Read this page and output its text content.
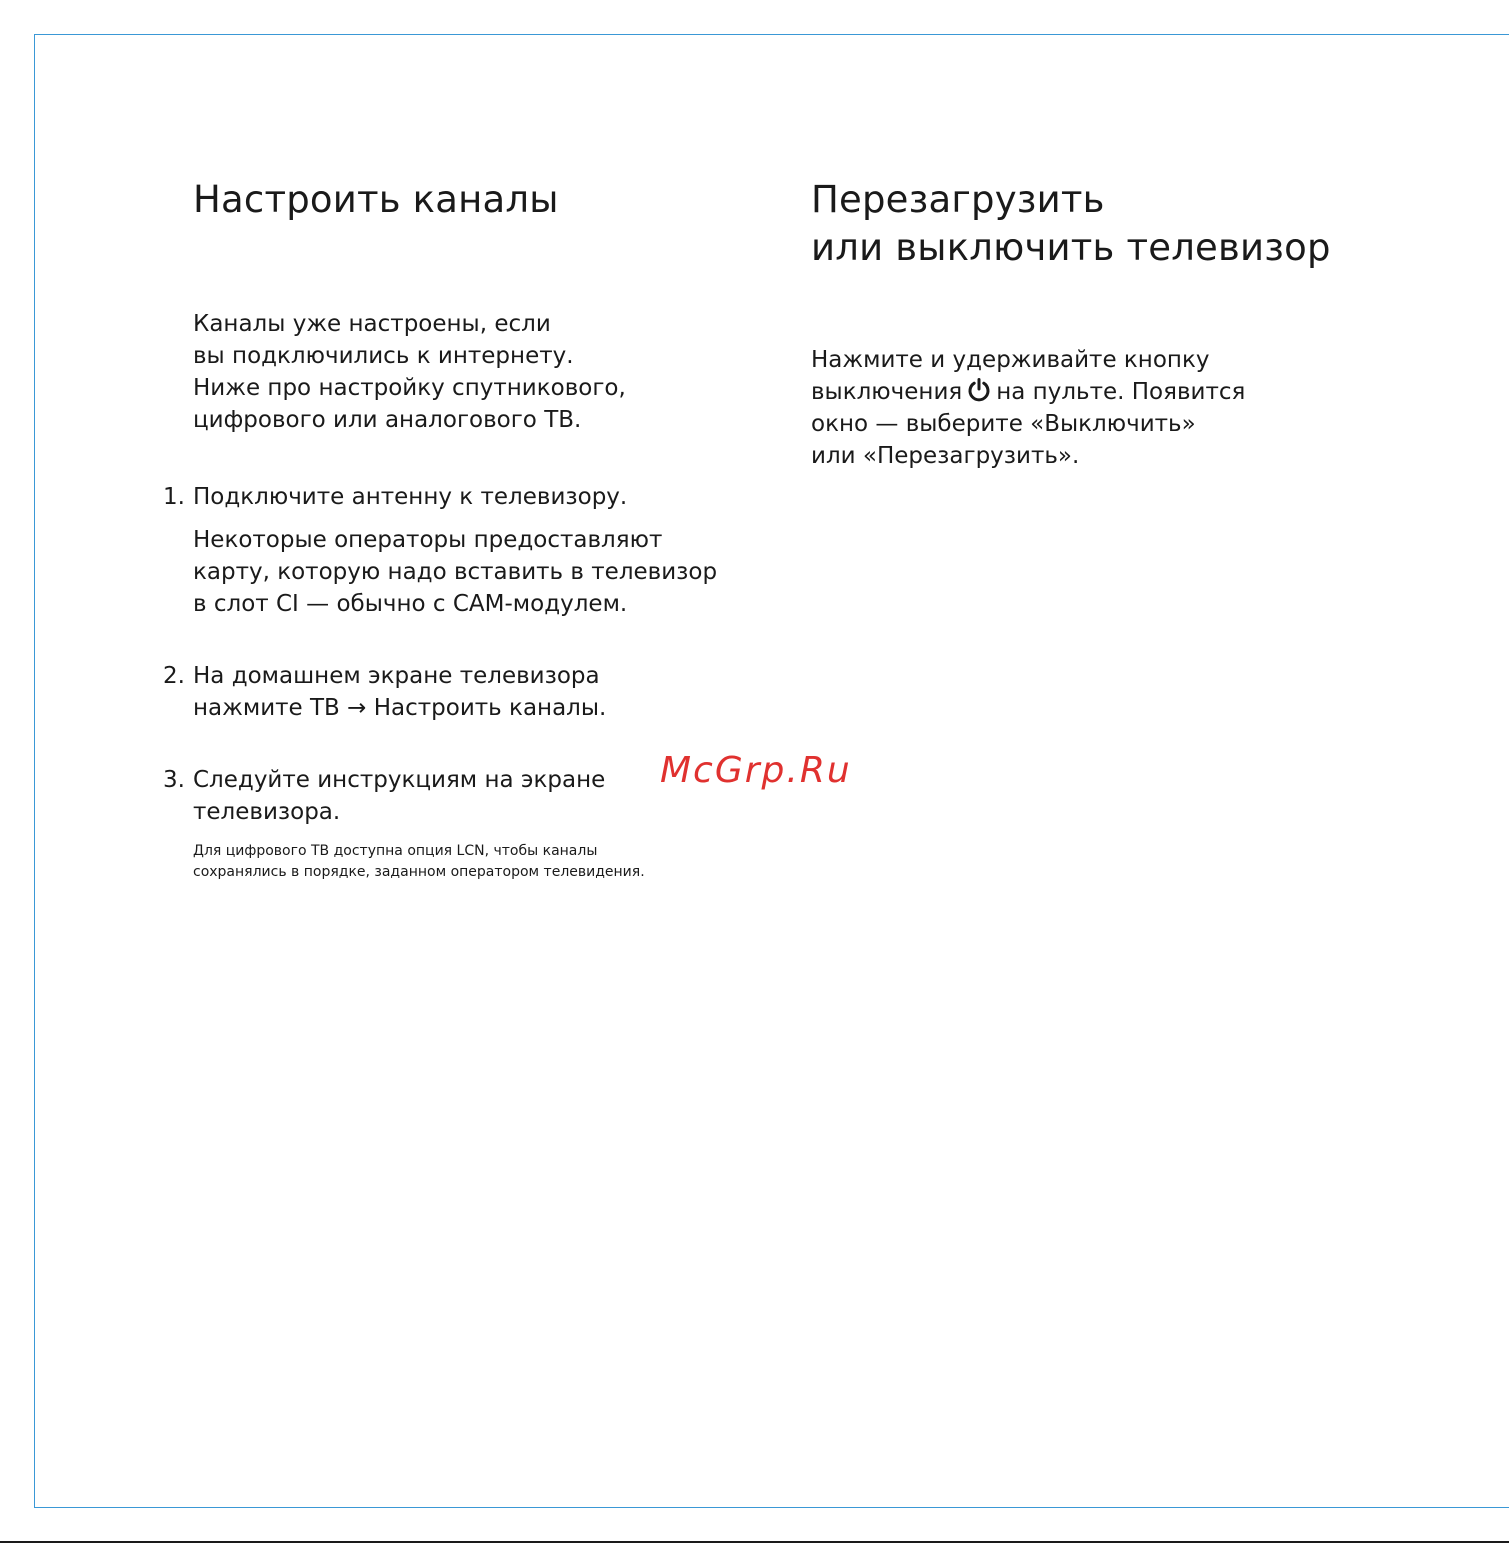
Настроить каналы

Каналы уже настроены, если
вы подключились к интернету.
Ниже про настройку спутникового,
цифрового или аналогового ТВ.

1. Подключите антенну к телевизору.
Некоторые операторы предоставляют
карту, которую надо вставить в телевизор
в слот CI — обычно с CAM-модулем.
2. На домашнем экране телевизора
нажмите ТВ → Настроить каналы.
3. Следуйте инструкциям на экране
телевизора.
Для цифрового ТВ доступна опция LCN, чтобы каналы
сохранялись в порядке, заданном оператором телевидения.
Перезагрузить
или выключить телевизор

Нажмите и удерживайте кнопку
выключения на пульте. Появится
окно — выберите «Выключить»
или «Перезагрузить».

McGrp.Ru
